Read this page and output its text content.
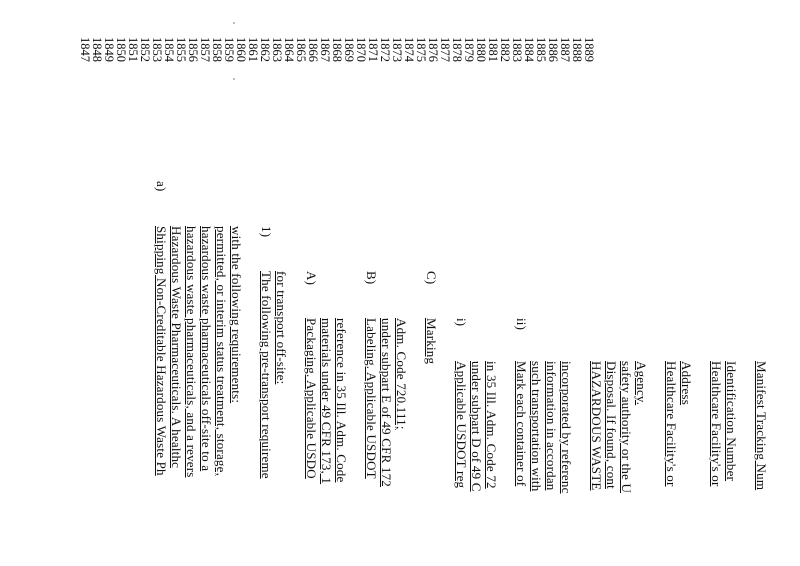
1847
1848
1849
1850
1851
1852
1853
1854
1855
1856
1857
1858
1859
1860
1861
1862
1863
1864
1865
1866
1867
1868
1869
1870
1871
1872
1873
1874
1875
1876
1877
1878
1879
1880
1881
1882
1883
1884
1885
1886
1887
1888
1889
a)
Shipping Non-Creditable Hazardous Waste Ph Hazardous Waste Pharmaceuticals. A healthc hazardous waste pharmaceuticals, and a revers hazardous waste pharmaceuticals off-site to a permitted, or interim status treatment, storage, with the following requirements: 1)
The following pre-transport requireme for transport off-site: A)
Packaging. Applicable USDO materials under 49 CFR 173, 1 reference in 35 Ill. Adm. Code
B)
Labeling. Applicable USDOT under subpart E of 49 CFR 172 Adm. Code 720.111;
C)
Marking i)
Applicable USDOT reg under subpart D of 49 C in 35 Ill. Adm. Code 72
ii)
Mark each container of such transportation with information in accordan incorporated by referenc HAZARDOUS WASTE Disposal. If found, cont safety authority or the U Agency. Healthcare Facility's or Address Healthcare Facility's or Identification Number Manifest Tracking Num
